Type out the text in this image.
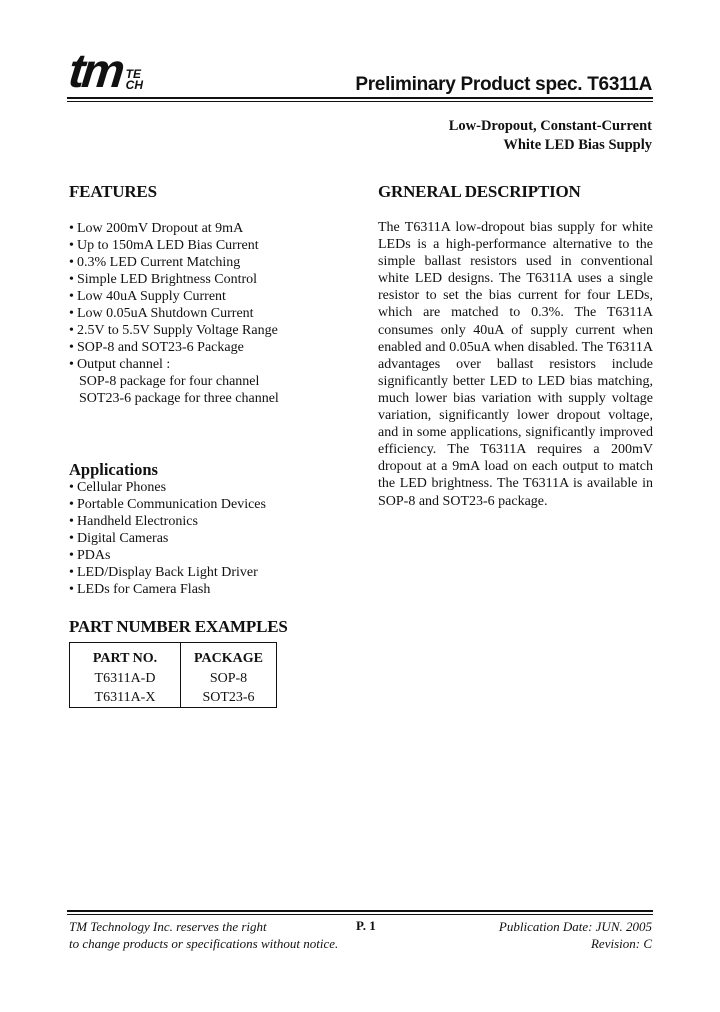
tm TE
CH	Preliminary Product spec. T6311A
Low-Dropout, Constant-Current
White LED Bias Supply
FEATURES
• Low 200mV Dropout at 9mA
• Up to 150mA LED Bias Current
• 0.3% LED Current Matching
• Simple LED Brightness Control
• Low 40uA Supply Current
• Low 0.05uA Shutdown Current
• 2.5V to 5.5V Supply Voltage Range
• SOP-8 and SOT23-6 Package
• Output channel :
SOP-8 package for four channel
SOT23-6 package for three channel
Applications
• Cellular Phones
• Portable Communication Devices
• Handheld Electronics
• Digital Cameras
• PDAs
• LED/Display Back Light Driver
• LEDs for Camera Flash
PART NUMBER EXAMPLES
PART NO.	PACKAGE
T6311A-D	SOP-8
T6311A-X	SOT23-6
GRNERAL DESCRIPTION
The T6311A low-dropout bias supply for white LEDs is a high-performance alternative to the simple ballast resistors used in conventional white LED designs. The T6311A uses a single resistor to set the bias current for four LEDs, which are matched to 0.3%. The T6311A consumes only 40uA of supply current when enabled and 0.05uA when disabled. The T6311A advantages over ballast resistors include significantly better LED to LED bias matching, much lower bias variation with supply voltage variation, significantly lower dropout voltage, and in some applications, significantly improved efficiency. The T6311A requires a 200mV dropout at a 9mA load on each output to match the LED brightness. The T6311A is available in SOP-8 and SOT23-6 package.
TM Technology Inc. reserves the right
to change products or specifications without notice.
P. 1	Publication Date: JUN. 2005
Revision: C
